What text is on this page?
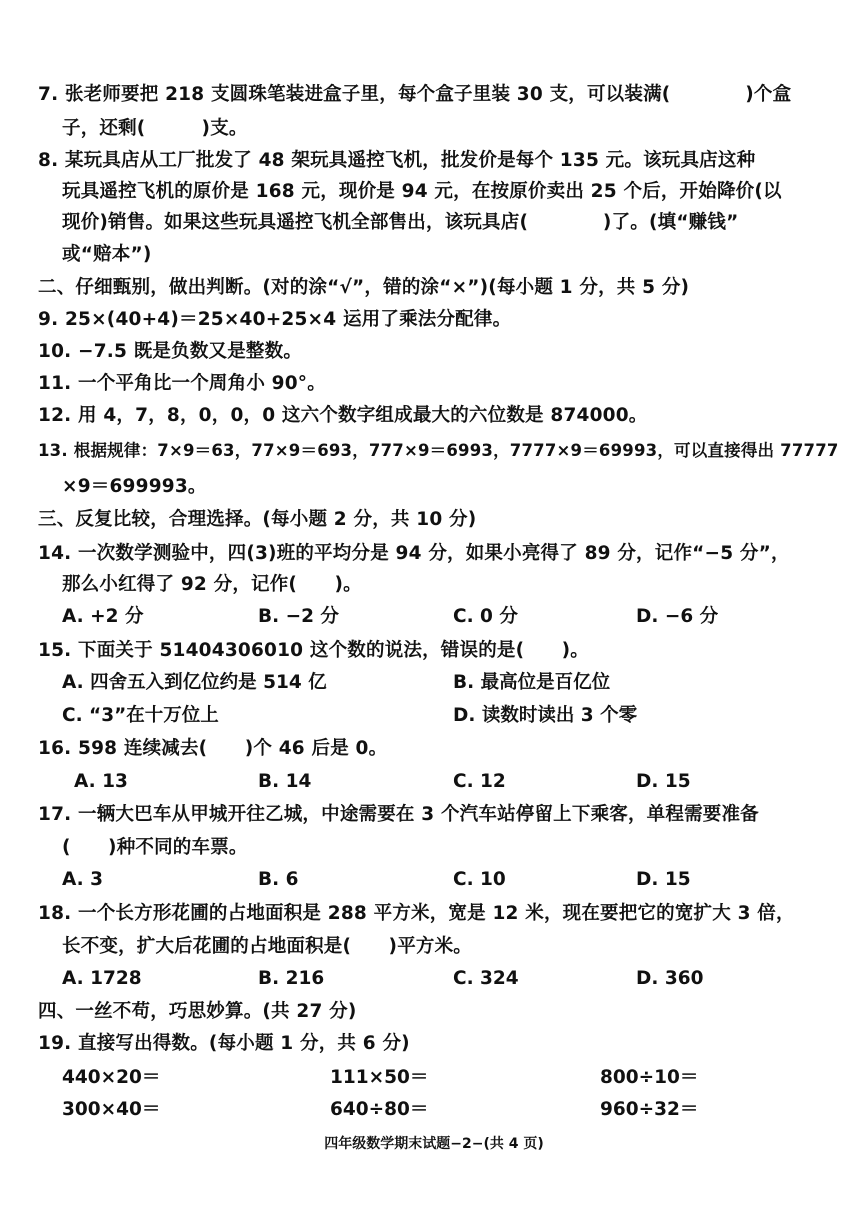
7. 张老师要把 218 支圆珠笔装进盒子里，每个盒子里装 30 支，可以装满(　　　　)个盒
子，还剩(　　　)支。
8. 某玩具店从工厂批发了 48 架玩具遥控飞机，批发价是每个 135 元。该玩具店这种
玩具遥控飞机的原价是 168 元，现价是 94 元，在按原价卖出 25 个后，开始降价(以
现价)销售。如果这些玩具遥控飞机全部售出，该玩具店(　　　　)了。(填“赚钱”
或“赔本”)
二、仔细甄别，做出判断。(对的涂“√”，错的涂“×”)(每小题 1 分，共 5 分)
9. 25×(40+4)＝25×40+25×4 运用了乘法分配律。
10. −7.5 既是负数又是整数。
11. 一个平角比一个周角小 90°。
12. 用 4，7，8，0，0，0 这六个数字组成最大的六位数是 874000。
13. 根据规律：7×9＝63，77×9＝693，777×9＝6993，7777×9＝69993，可以直接得出 77777
×9＝699993。
三、反复比较，合理选择。(每小题 2 分，共 10 分)
14. 一次数学测验中，四(3)班的平均分是 94 分，如果小亮得了 89 分，记作“−5 分”，
那么小红得了 92 分，记作(　　)。
A. +2 分	B. −2 分	C. 0 分	D. −6 分
15. 下面关于 51404306010 这个数的说法，错误的是(　　)。
A. 四舍五入到亿位约是 514 亿	B. 最高位是百亿位
C. “3”在十万位上	D. 读数时读出 3 个零
16. 598 连续减去(　　)个 46 后是 0。
A. 13	B. 14	C. 12	D. 15
17. 一辆大巴车从甲城开往乙城，中途需要在 3 个汽车站停留上下乘客，单程需要准备
(　　)种不同的车票。
A. 3	B. 6	C. 10	D. 15
18. 一个长方形花圃的占地面积是 288 平方米，宽是 12 米，现在要把它的宽扩大 3 倍，
长不变，扩大后花圃的占地面积是(　　)平方米。
A. 1728	B. 216	C. 324	D. 360
四、一丝不苟，巧思妙算。(共 27 分)
19. 直接写出得数。(每小题 1 分，共 6 分)
440×20＝	111×50＝	800÷10＝
300×40＝	640÷80＝	960÷32＝
四年级数学期末试题−2−(共 4 页)
